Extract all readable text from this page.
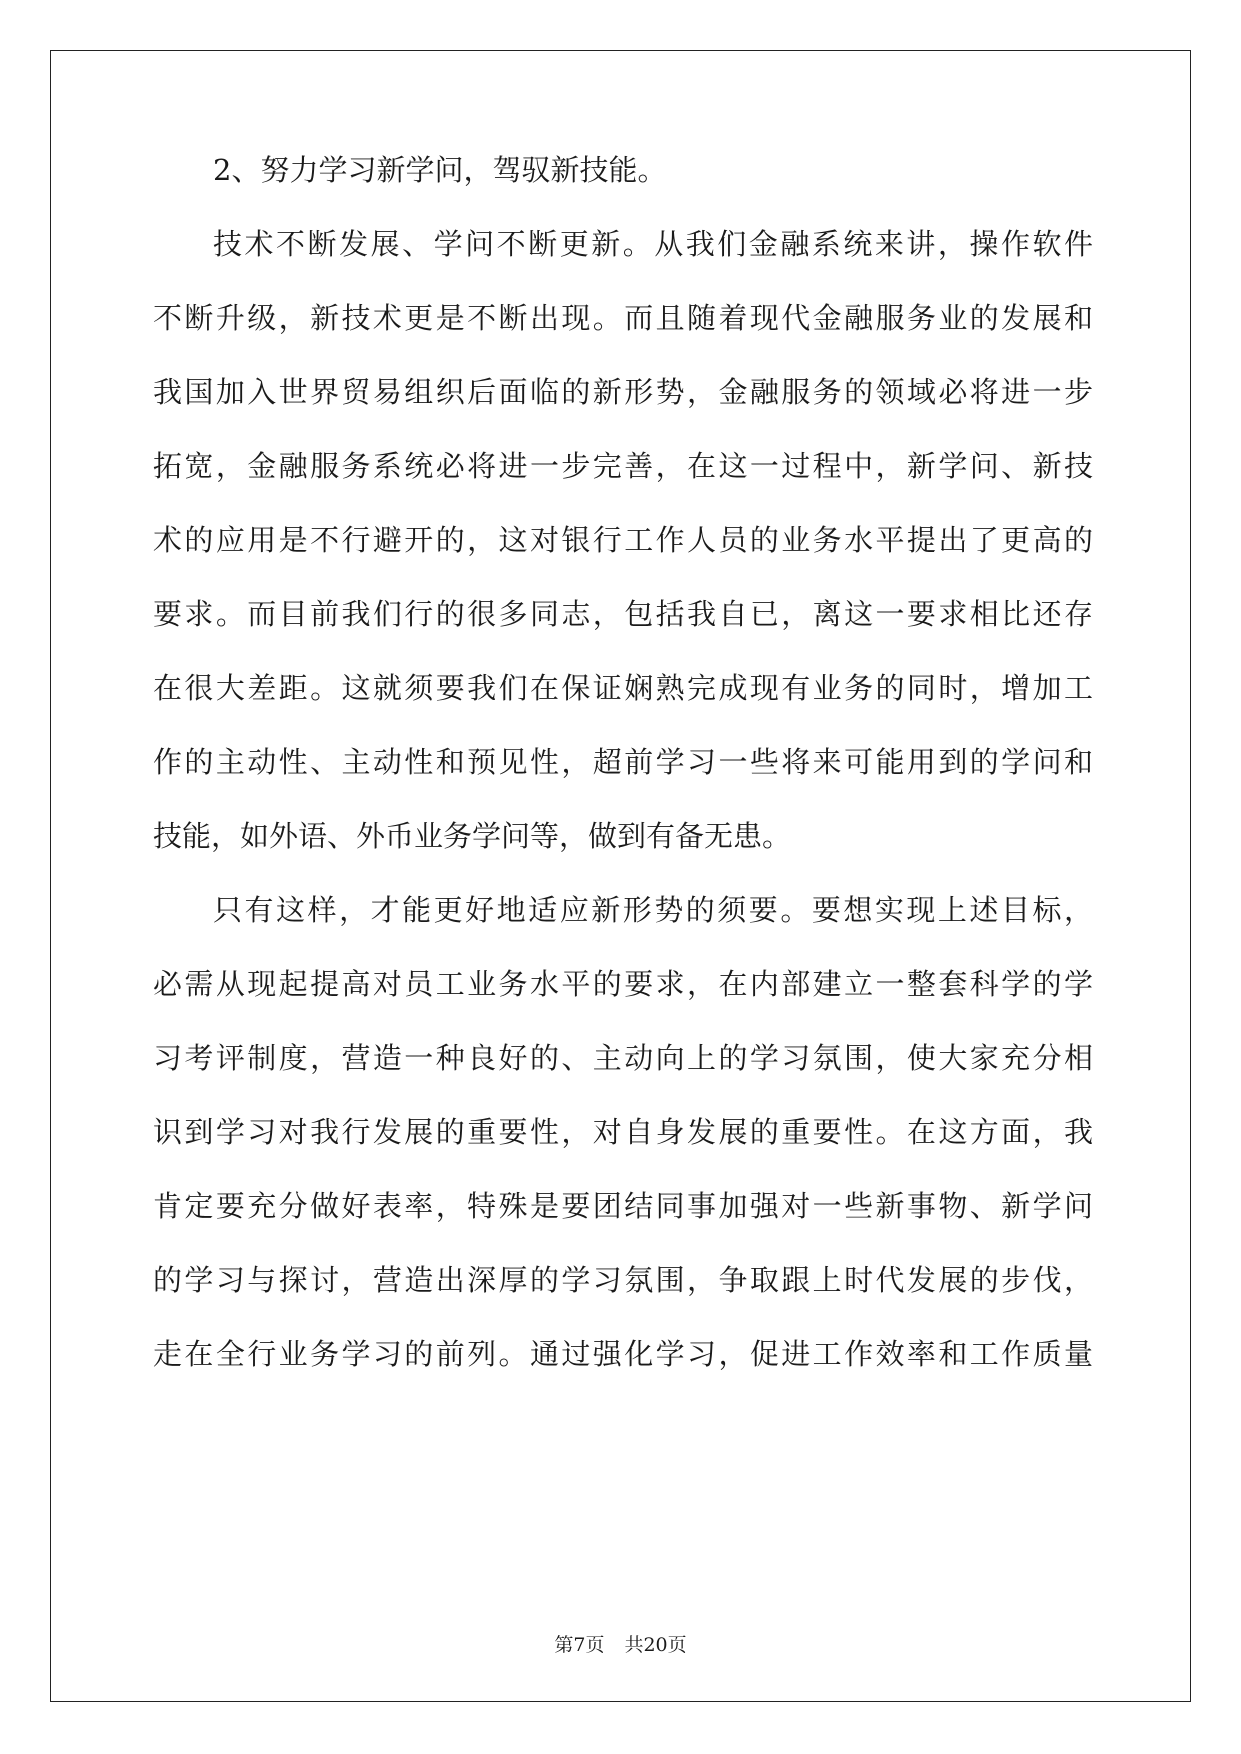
2、努力学习新学问，驾驭新技能。
技术不断发展、学问不断更新。从我们金融系统来讲，操作软件
不断升级，新技术更是不断出现。而且随着现代金融服务业的发展和
我国加入世界贸易组织后面临的新形势，金融服务的领域必将进一步
拓宽，金融服务系统必将进一步完善，在这一过程中，新学问、新技
术的应用是不行避开的，这对银行工作人员的业务水平提出了更高的
要求。而目前我们行的很多同志，包括我自已，离这一要求相比还存
在很大差距。这就须要我们在保证娴熟完成现有业务的同时，增加工
作的主动性、主动性和预见性，超前学习一些将来可能用到的学问和
技能，如外语、外币业务学问等，做到有备无患。
只有这样，才能更好地适应新形势的须要。要想实现上述目标，
必需从现起提高对员工业务水平的要求，在内部建立一整套科学的学
习考评制度，营造一种良好的、主动向上的学习氛围，使大家充分相
识到学习对我行发展的重要性，对自身发展的重要性。在这方面，我
肯定要充分做好表率，特殊是要团结同事加强对一些新事物、新学问
的学习与探讨，营造出深厚的学习氛围，争取跟上时代发展的步伐，
走在全行业务学习的前列。通过强化学习，促进工作效率和工作质量
第7页 共20页
